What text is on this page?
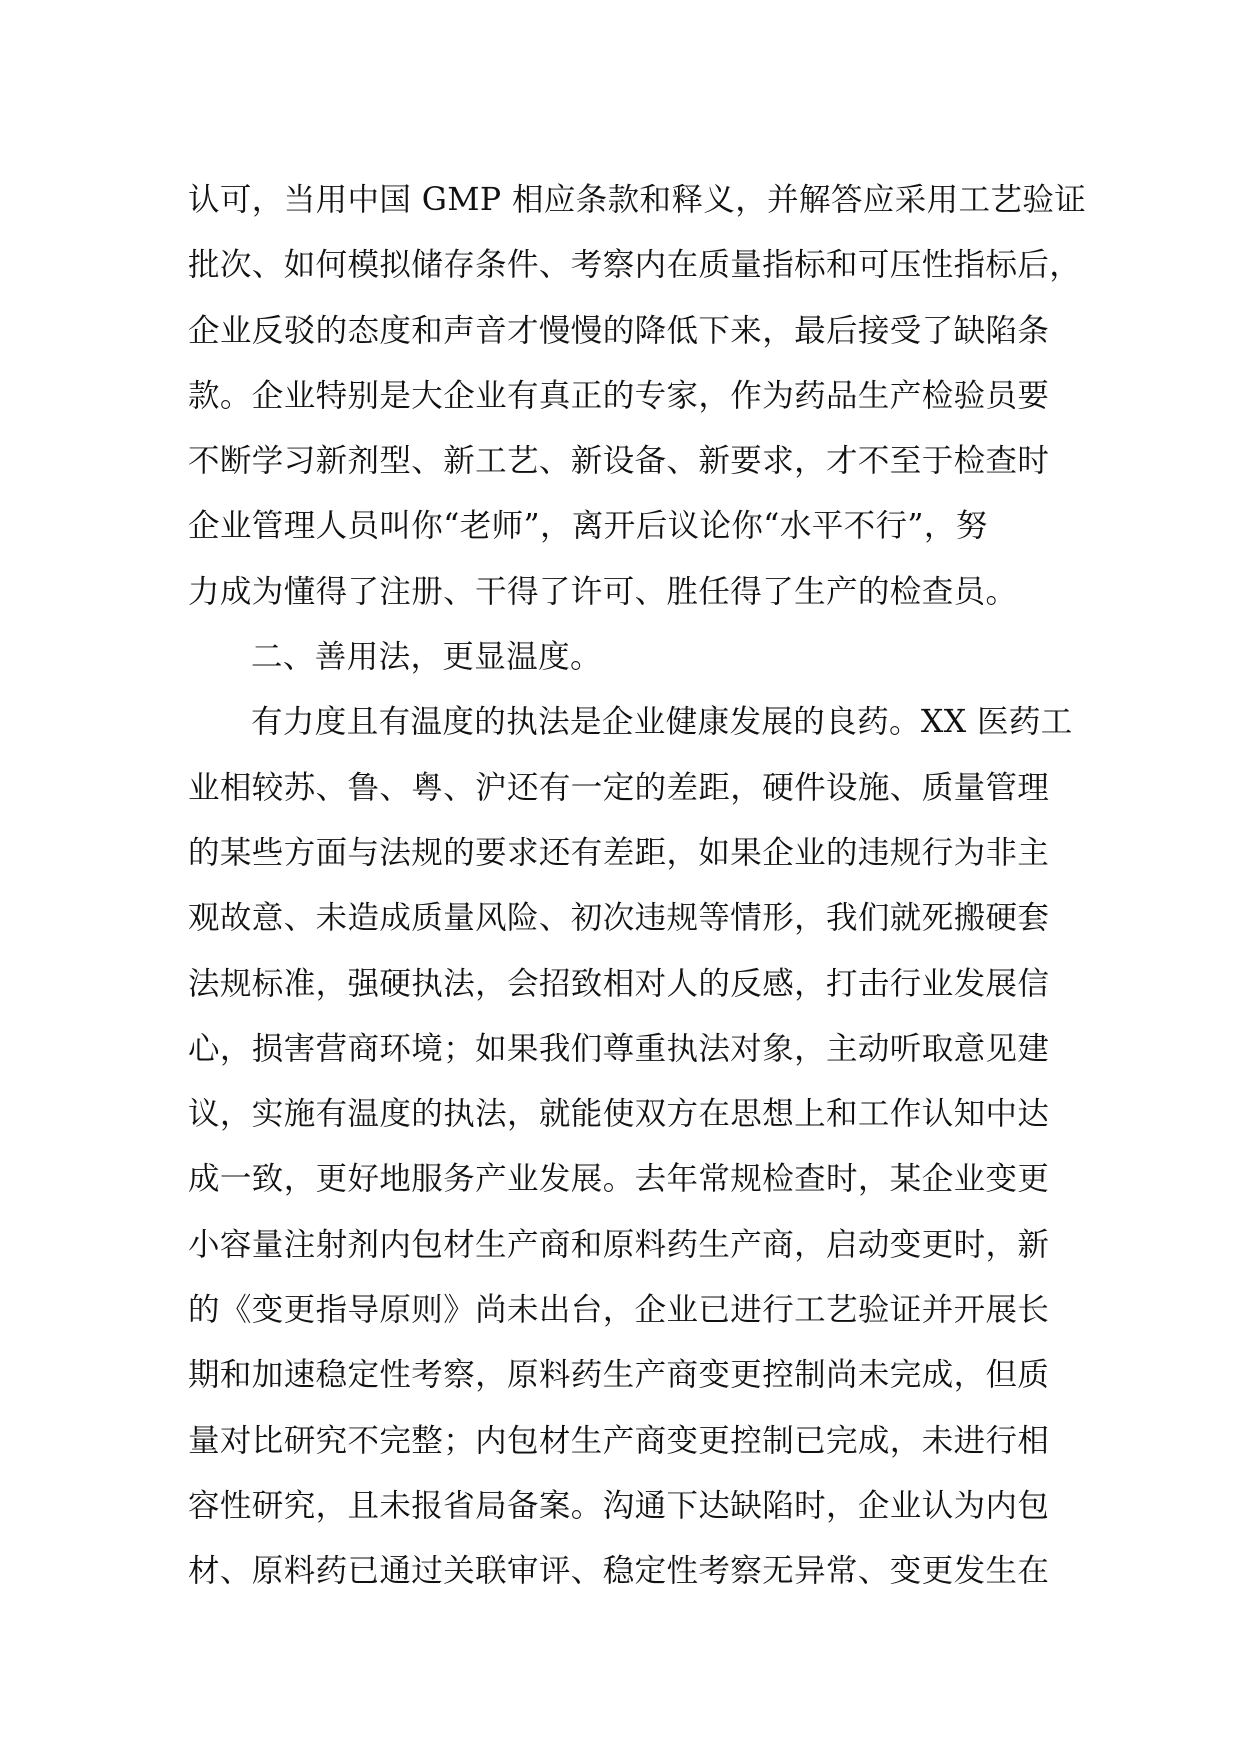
认可，当用中国 GMP 相应条款和释义，并解答应采用工艺验证
批次、如何模拟储存条件、考察内在质量指标和可压性指标后，
企业反驳的态度和声音才慢慢的降低下来，最后接受了缺陷条
款。企业特别是大企业有真正的专家，作为药品生产检验员要
不断学习新剂型、新工艺、新设备、新要求，才不至于检查时
企业管理人员叫你“老师”，离开后议论你“水平不行”，努
力成为懂得了注册、干得了许可、胜任得了生产的检查员。
二、善用法，更显温度。
有力度且有温度的执法是企业健康发展的良药。XX 医药工
业相较苏、鲁、粤、沪还有一定的差距，硬件设施、质量管理
的某些方面与法规的要求还有差距，如果企业的违规行为非主
观故意、未造成质量风险、初次违规等情形，我们就死搬硬套
法规标准，强硬执法，会招致相对人的反感，打击行业发展信
心，损害营商环境；如果我们尊重执法对象，主动听取意见建
议，实施有温度的执法，就能使双方在思想上和工作认知中达
成一致，更好地服务产业发展。去年常规检查时，某企业变更
小容量注射剂内包材生产商和原料药生产商，启动变更时，新
的《变更指导原则》尚未出台，企业已进行工艺验证并开展长
期和加速稳定性考察，原料药生产商变更控制尚未完成，但质
量对比研究不完整；内包材生产商变更控制已完成，未进行相
容性研究，且未报省局备案。沟通下达缺陷时，企业认为内包
材、原料药已通过关联审评、稳定性考察无异常、变更发生在
